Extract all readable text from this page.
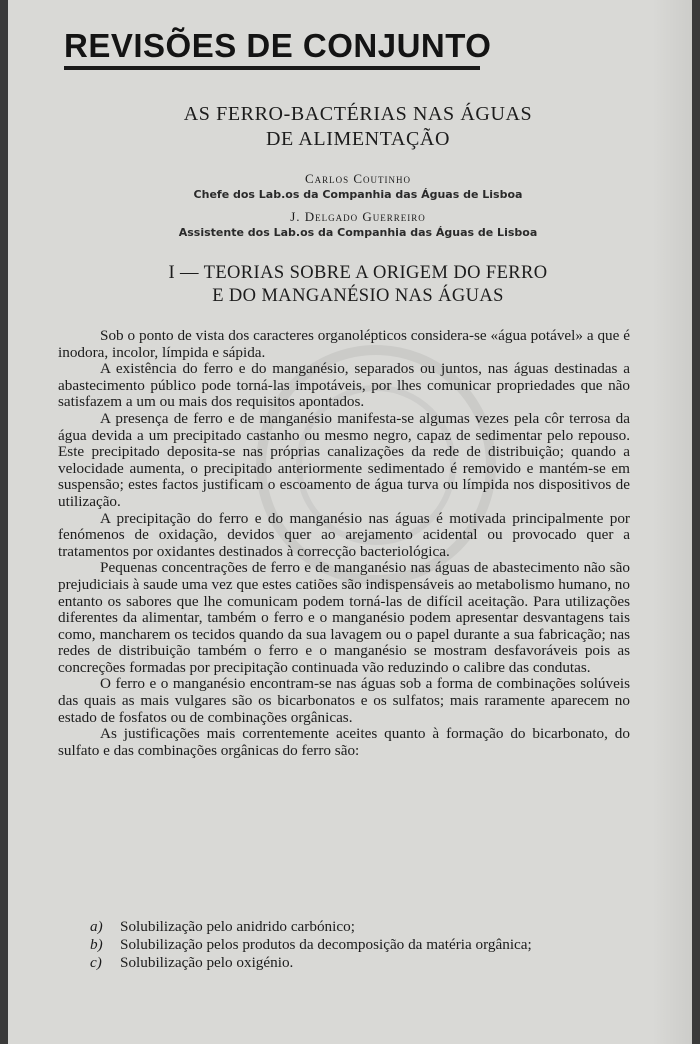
REVISÕES DE CONJUNTO
AS FERRO-BACTÉRIAS NAS ÁGUAS
DE ALIMENTAÇÃO
Carlos Coutinho
Chefe dos Lab.os da Companhia das Águas de Lisboa
J. Delgado Guerreiro
Assistente dos Lab.os da Companhia das Águas de Lisboa
I — TEORIAS SOBRE A ORIGEM DO FERRO
E DO MANGANÉSIO NAS ÁGUAS

Sob o ponto de vista dos caracteres organolépticos considera-se «água potável» a que é inodora, incolor, límpida e sápida.

A existência do ferro e do manganésio, separados ou juntos, nas águas destinadas a abastecimento público pode torná-las impotáveis, por lhes comunicar propriedades que não satisfazem a um ou mais dos requisitos apontados.

A presença de ferro e de manganésio manifesta-se algumas vezes pela côr terrosa da água devida a um precipitado castanho ou mesmo negro, capaz de sedimentar pelo repouso. Este precipitado deposita-se nas próprias canalizações da rede de distribuição; quando a velocidade aumenta, o precipitado anteriormente sedimentado é removido e mantém-se em suspensão; estes factos justificam o escoamento de água turva ou límpida nos dispositivos de utilização.

A precipitação do ferro e do manganésio nas águas é motivada principalmente por fenómenos de oxidação, devidos quer ao arejamento acidental ou provocado quer a tratamentos por oxidantes destinados à correcção bacteriológica.

Pequenas concentrações de ferro e de manganésio nas águas de abastecimento não são prejudiciais à saude uma vez que estes catiões são indispensáveis ao metabolismo humano, no entanto os sabores que lhe comunicam podem torná-las de difícil aceitação. Para utilizações diferentes da alimentar, também o ferro e o manganésio podem apresentar desvantagens tais como, mancharem os tecidos quando da sua lavagem ou o papel durante a sua fabricação; nas redes de distribuição também o ferro e o manganésio se mostram desfavoráveis pois as concreções formadas por precipitação continuada vão reduzindo o calibre das condutas.

O ferro e o manganésio encontram-se nas águas sob a forma de combinações solúveis das quais as mais vulgares são os bicarbonatos e os sulfatos; mais raramente aparecem no estado de fosfatos ou de combinações orgânicas.

As justificações mais correntemente aceites quanto à formação do bicarbonato, do sulfato e das combinações orgânicas do ferro são:

a)	Solubilização pelo anidrido carbónico;
b)	Solubilização pelos produtos da decomposição da matéria orgânica;
c)	Solubilização pelo oxigénio.
